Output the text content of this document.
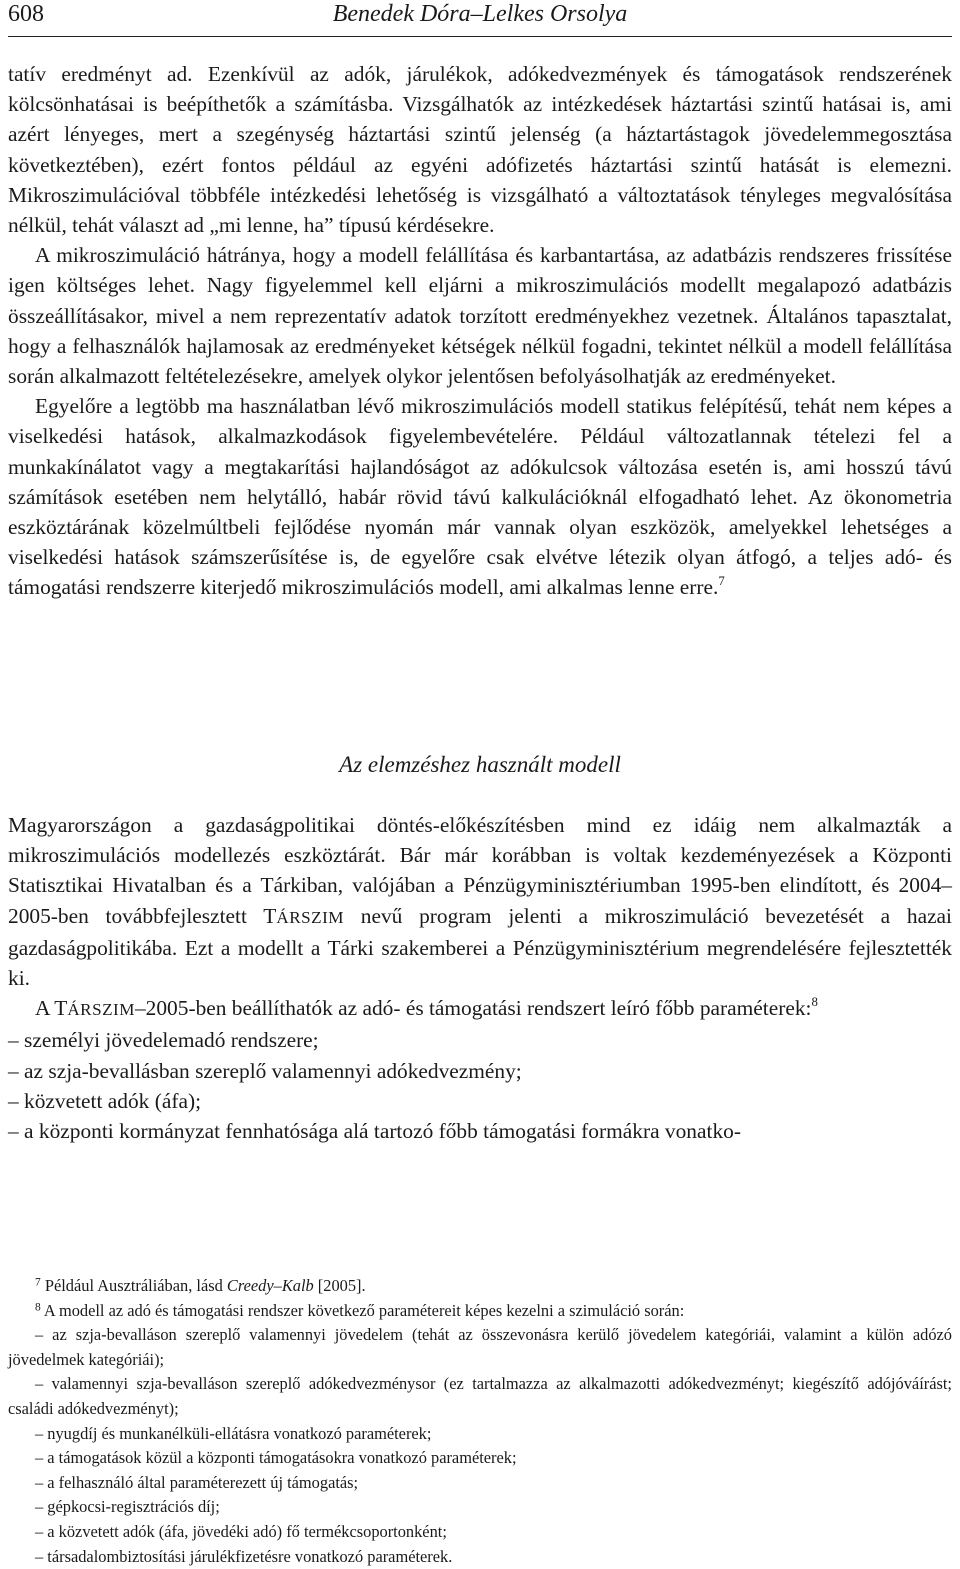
608	Benedek Dóra–Lelkes Orsolya

tatív eredményt ad. Ezenkívül az adók, járulékok, adókedvezmények és támogatások rendszerének kölcsönhatásai is beépíthetők a számításba. Vizsgálhatók az intézkedések háztartási szintű hatásai is, ami azért lényeges, mert a szegénység háztartási szintű jelenség (a háztartástagok jövedelemmegosztása következtében), ezért fontos például az egyéni adófizetés háztartási szintű hatását is elemezni. Mikroszimulációval többféle intézkedési lehetőség is vizsgálható a változtatások tényleges megvalósítása nélkül, tehát választ ad „mi lenne, ha” típusú kérdésekre.

A mikroszimuláció hátránya, hogy a modell felállítása és karbantartása, az adatbázis rendszeres frissítése igen költséges lehet. Nagy figyelemmel kell eljárni a mikroszimulációs modellt megalapozó adatbázis összeállításakor, mivel a nem reprezentatív adatok torzított eredményekhez vezetnek. Általános tapasztalat, hogy a felhasználók hajlamosak az eredményeket kétségek nélkül fogadni, tekintet nélkül a modell felállítása során alkalmazott feltételezésekre, amelyek olykor jelentősen befolyásolhatják az eredményeket.

Egyelőre a legtöbb ma használatban lévő mikroszimulációs modell statikus felépítésű, tehát nem képes a viselkedési hatások, alkalmazkodások figyelembevételére. Például változatlannak tételezi fel a munkakínálatot vagy a megtakarítási hajlandóságot az adókulcsok változása esetén is, ami hosszú távú számítások esetében nem helytálló, habár rövid távú kalkulációknál elfogadható lehet. Az ökonometria eszköztárának közelmúltbeli fejlődése nyomán már vannak olyan eszközök, amelyekkel lehetséges a viselkedési hatások számszerűsítése is, de egyelőre csak elvétve létezik olyan átfogó, a teljes adó- és támogatási rendszerre kiterjedő mikroszimulációs modell, ami alkalmas lenne erre.$^7$

Az elemzéshez használt modell

Magyarországon a gazdaságpolitikai döntés-előkészítésben mind ez idáig nem alkalmazták a mikroszimulációs modellezés eszköztárát. Bár már korábban is voltak kezdeményezések a Központi Statisztikai Hivatalban és a Tárkiban, valójában a Pénzügyminisztériumban 1995-ben elindított, és 2004–2005-ben továbbfejlesztett TÁRSZIM nevű program jelenti a mikroszimuláció bevezetését a hazai gazdaságpolitikába. Ezt a modellt a Tárki szakemberei a Pénzügyminisztérium megrendelésére fejlesztették ki.

A TÁRSZIM–2005-ben beállíthatók az adó- és támogatási rendszert leíró főbb paraméterek:$^8$

– személyi jövedelemadó rendszere;
– az szja-bevallásban szereplő valamennyi adókedvezmény;
– közvetett adók (áfa);
– a központi kormányzat fennhatósága alá tartozó főbb támogatási formákra vonatko-

$^7$ Például Ausztráliában, lásd Creedy–Kalb [2005].

$^8$ A modell az adó és támogatási rendszer következő paramétereit képes kezelni a szimuláció során:

– az szja-bevalláson szereplő valamennyi jövedelem (tehát az összevonásra kerülő jövedelem kategóriái, valamint a külön adózó jövedelmek kategóriái);

– valamennyi szja-bevalláson szereplő adókedvezménysor (ez tartalmazza az alkalmazotti adókedvezményt; kiegészítő adójóváírást; családi adókedvezményt);

– nyugdíj és munkanélküli-ellátásra vonatkozó paraméterek;

– a támogatások közül a központi támogatásokra vonatkozó paraméterek;

– a felhasználó által paraméterezett új támogatás;

– gépkocsi-regisztrációs díj;

– a közvetett adók (áfa, jövedéki adó) fő termékcsoportonként;

– társadalombiztosítási járulékfizetésre vonatkozó paraméterek.
